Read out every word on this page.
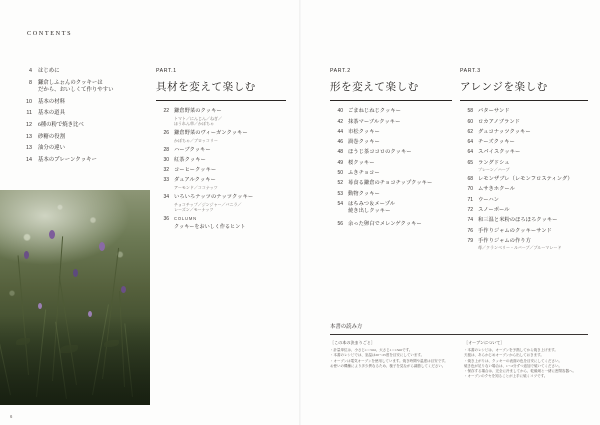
CONTENTS
4 はじめに
8 鎌倉しふぉんのクッキーは
だから、おいしくて作りやすい
10 基本の材料
11 基本の道具
12 6種の粉で焼き比べ
13 砂糖の役割
13 油分の違い
14 基本のプレーンクッキー
PART.1
具材を変えて楽しむ
22 鎌倉野菜のクッキー
トマト／にんじん／ねぎ／
ほうれん草／かぼちゃ
26 鎌倉野菜のヴィーガンクッキー
かぼちゃ／ブロッコリー
28 ハーブクッキー
30 紅茶クッキー
32 コーヒークッキー
33 ダュアルクッキー
アーモンド／ココナッツ
34 いろいろナッツのナッツクッキー
チョコチップ／ジンジャー／バニラ／
レーズン／モーナッツ
36 COLUMN
クッキーをおいしく作るヒント
PART.2
形を変えて楽しむ
40 ごまねじねじクッキー
42 抹茶マーブルクッキー
44 市松クッキー
46 渦巻クッキー
48 ほうじ茶ココロのクッキー
49 桜クッキー
50 ふきチョコー
52 苺食る鎌倉のチョコチップクッキー
53 動物クッキー
54 はちみつ＆メープル
焼き出しクッキー
56 余った卵白でメレンゲクッキー
PART.3
アレンジを楽しむ
58 バターサンド
60 ロカアノブランド
62 グュコナッツクッキー
64 チーズクッキー
64 スパイスクッキー
65 ラングドシュ
プレーン／ハーブ
68 レモンザブレ（レモンフロスティング）
70 ムサきホクール
71 ウーハン
72 スノーボール
74 和三温と米粉のほろほろクッキー
76 手作りジャムのクッキーサンド
79 手作りジャムの作り方
苺／クランベリー・ルバーブ／ブルーマレード
本書の読み方
［この本の決まりごと］
・計量単位は、小さじ1＝5ml、大さじ1＝15mlです。
・本書のレシピでは、室温は20〜25度を目安にしています。
・オーブンは電気オーブンを使用しています。焼き時間や温度は目安です。
お使いの機種により多少異なるため、様子を見ながら調節してください。
［オーブンについて］
・本書のレシピは、オーブンを予熱してから焼き上げます。
天板は、あらかじめオーブンから出しておきます。
・焼き上がりは、クッキーの表面の色を目安にしてください。
焼き色が足りない場合は、1〜2分ずつ追加で焼いてください。
・保存する場合は、完全に冷ましてから、乾燥剤と一緒に密閉容器へ。
・オーブンのクセを知ることが上手に焼くコツです。
6
